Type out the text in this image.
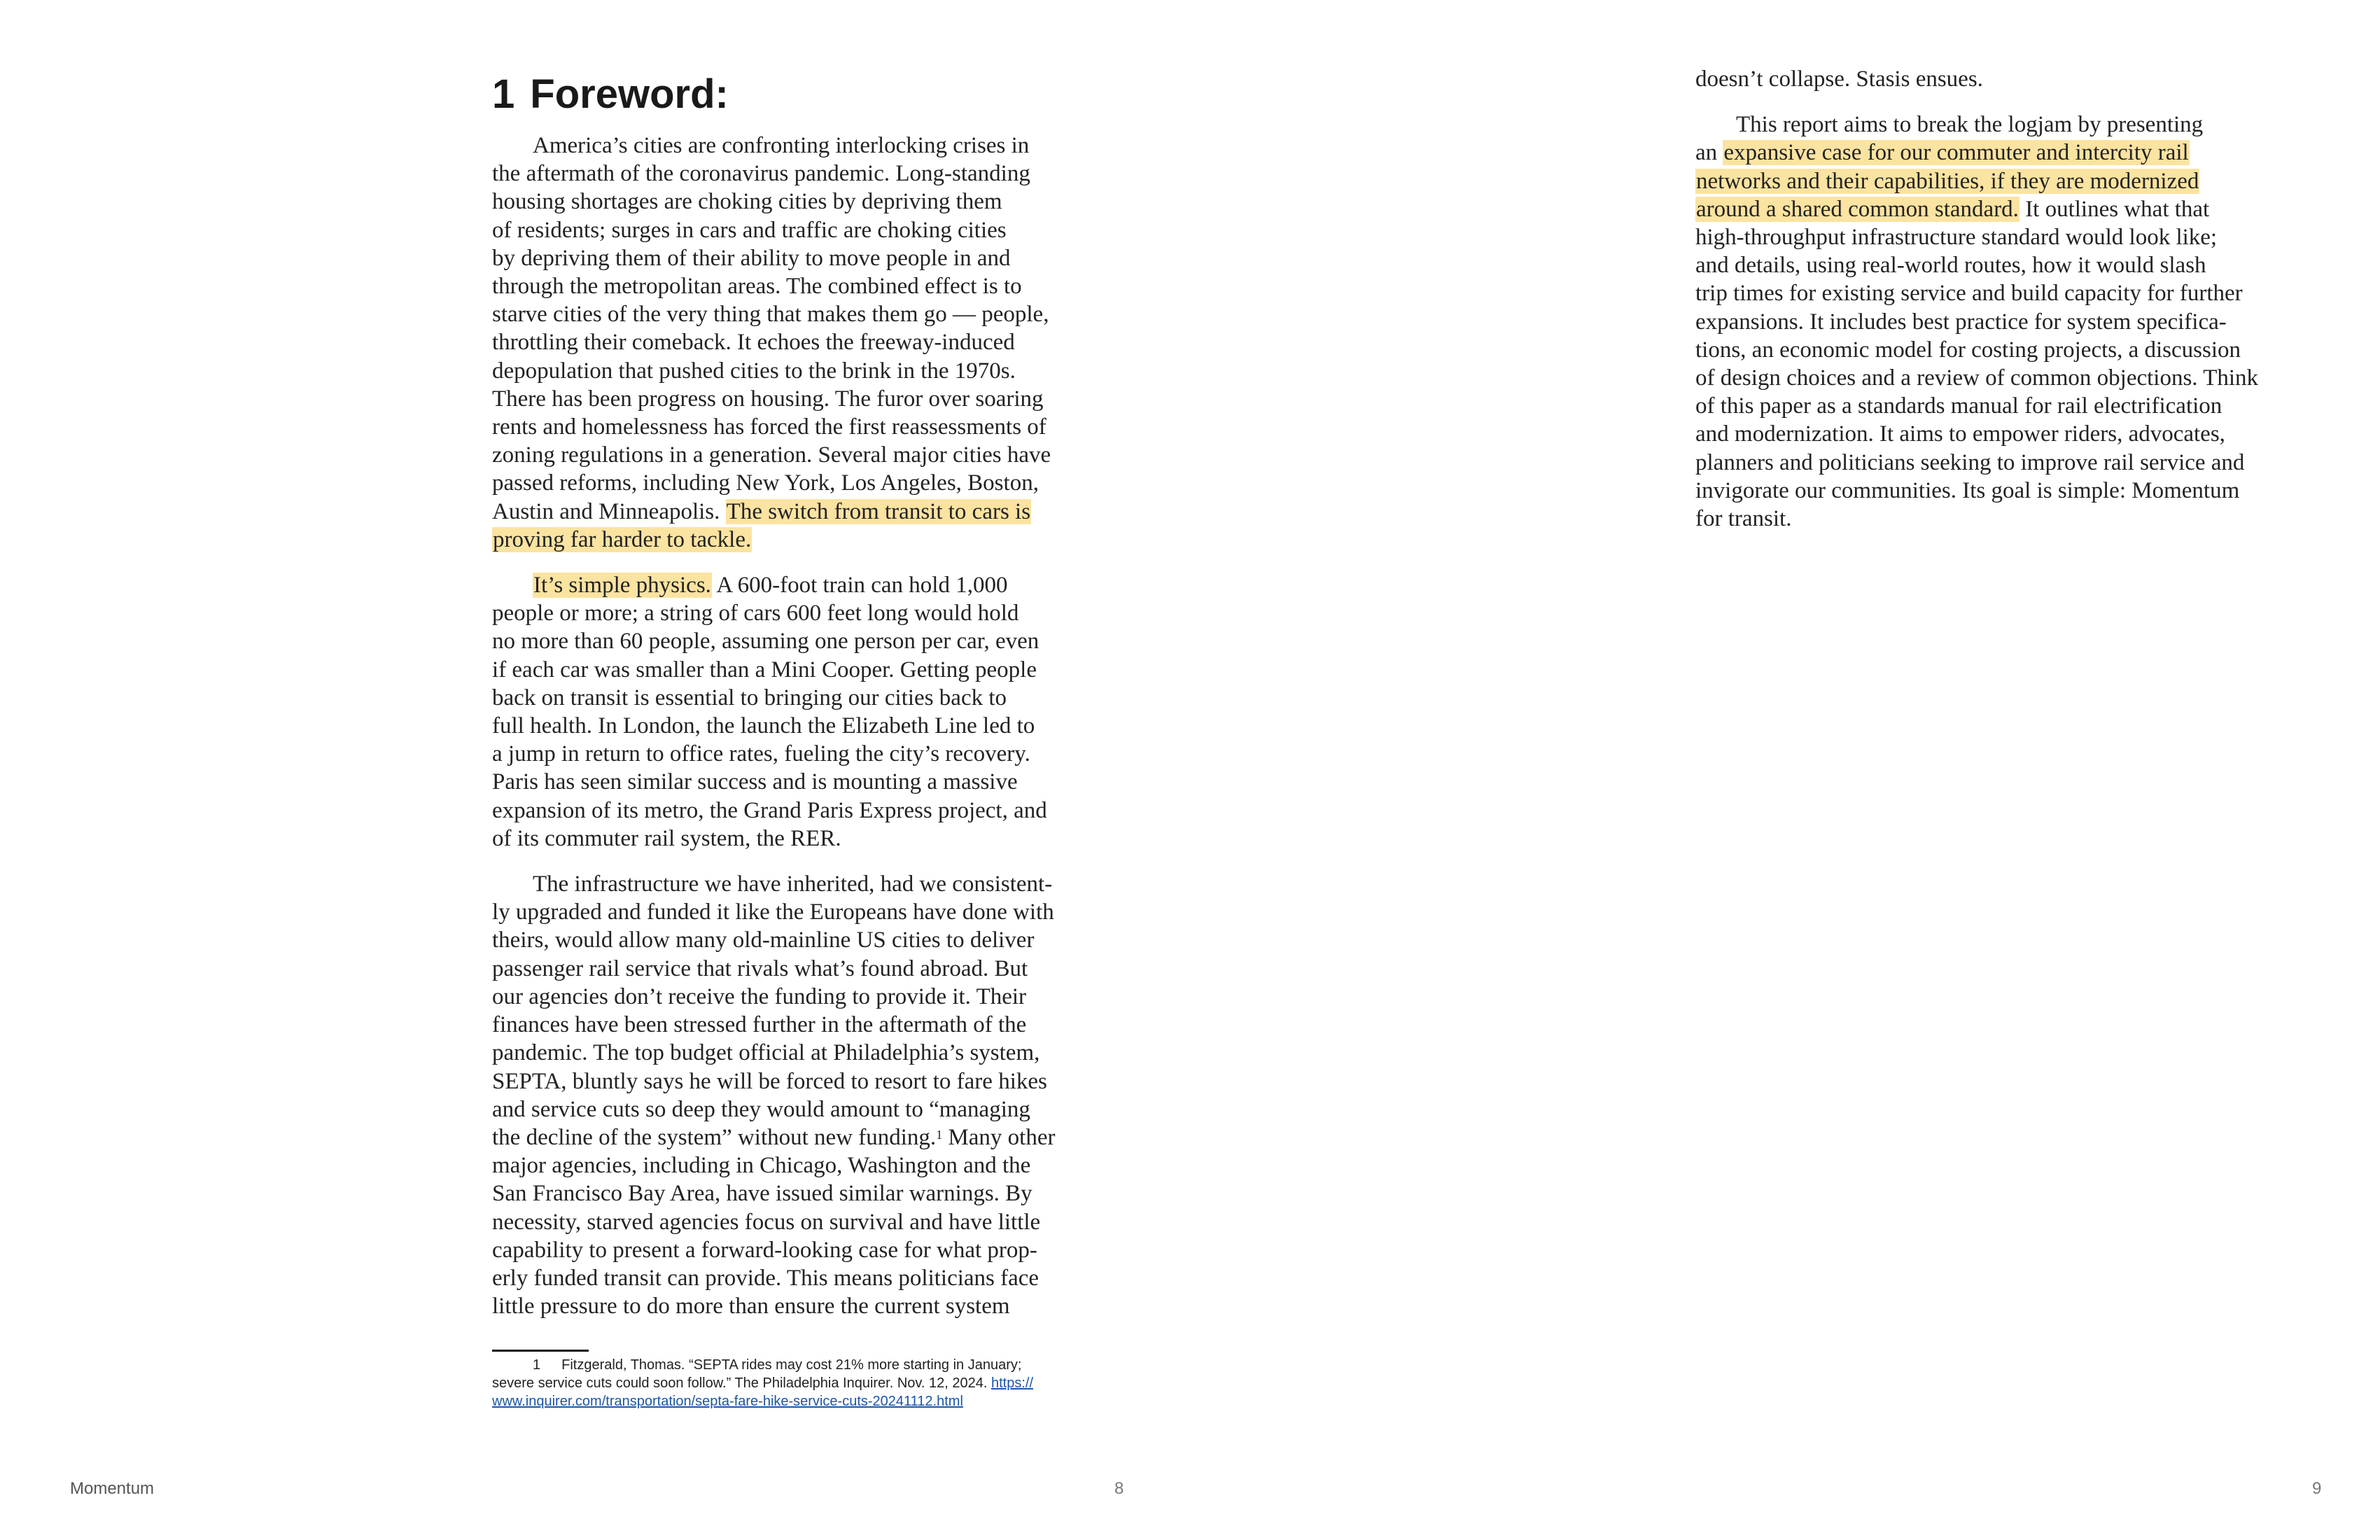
1 Foreword:

America’s cities are confronting interlocking crises in
the aftermath of the coronavirus pandemic. Long-standing
housing shortages are choking cities by depriving them
of residents; surges in cars and traffic are choking cities
by depriving them of their ability to move people in and
through the metropolitan areas. The combined effect is to
starve cities of the very thing that makes them go — people,
throttling their comeback. It echoes the freeway-induced
depopulation that pushed cities to the brink in the 1970s.
There has been progress on housing. The furor over soaring
rents and homelessness has forced the first reassessments of
zoning regulations in a generation. Several major cities have
passed reforms, including New York, Los Angeles, Boston,
Austin and Minneapolis. The switch from transit to cars is
proving far harder to tackle.

It’s simple physics. A 600-foot train can hold 1,000
people or more; a string of cars 600 feet long would hold
no more than 60 people, assuming one person per car, even
if each car was smaller than a Mini Cooper. Getting people
back on transit is essential to bringing our cities back to
full health. In London, the launch the Elizabeth Line led to
a jump in return to office rates, fueling the city’s recovery.
Paris has seen similar success and is mounting a massive
expansion of its metro, the Grand Paris Express project, and
of its commuter rail system, the RER.

The infrastructure we have inherited, had we consistent-
ly upgraded and funded it like the Europeans have done with
theirs, would allow many old-mainline US cities to deliver
passenger rail service that rivals what’s found abroad. But
our agencies don’t receive the funding to provide it. Their
finances have been stressed further in the aftermath of the
pandemic. The top budget official at Philadelphia’s system,
SEPTA, bluntly says he will be forced to resort to fare hikes
and service cuts so deep they would amount to “managing
the decline of the system” without new funding.$^1$ Many other
major agencies, including in Chicago, Washington and the
San Francisco Bay Area, have issued similar warnings. By
necessity, starved agencies focus on survival and have little
capability to present a forward-looking case for what prop-
erly funded transit can provide. This means politicians face
little pressure to do more than ensure the current system

1 Fitzgerald, Thomas. “SEPTA rides may cost 21% more starting in January;
severe service cuts could soon follow.” The Philadelphia Inquirer. Nov. 12, 2024. https://
www.inquirer.com/transportation/septa-fare-hike-service-cuts-20241112.html
Momentum	8

doesn’t collapse. Stasis ensues.

This report aims to break the logjam by presenting
an expansive case for our commuter and intercity rail
networks and their capabilities, if they are modernized
around a shared common standard. It outlines what that
high-throughput infrastructure standard would look like;
and details, using real-world routes, how it would slash
trip times for existing service and build capacity for further
expansions. It includes best practice for system specifica-
tions, an economic model for costing projects, a discussion
of design choices and a review of common objections. Think
of this paper as a standards manual for rail electrification
and modernization. It aims to empower riders, advocates,
planners and politicians seeking to improve rail service and
invigorate our communities. Its goal is simple: Momentum
for transit.

9
